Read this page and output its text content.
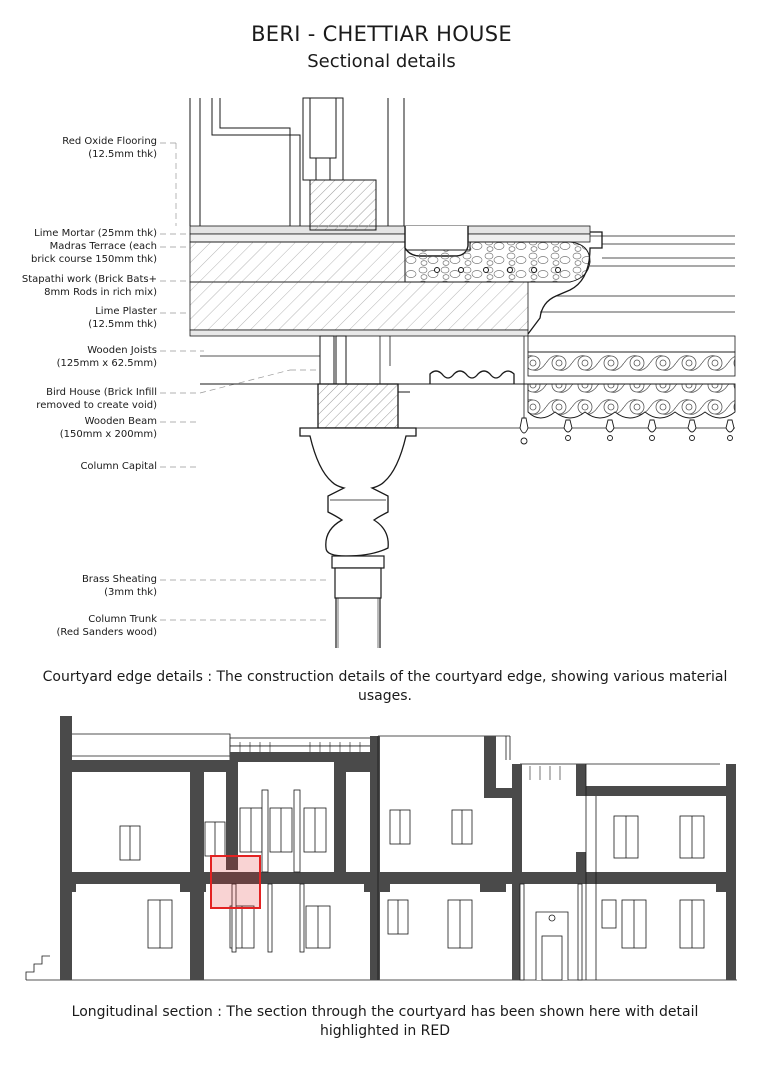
BERI - CHETTIAR HOUSE
Sectional details
Red Oxide Flooring
(12.5mm thk)
Lime Mortar (25mm thk)
Madras Terrace (each
brick course 150mm thk)
Stapathi work (Brick Bats+
8mm Rods in rich mix)
Lime Plaster
(12.5mm thk)
Wooden Joists
(125mm x 62.5mm)
Bird House (Brick Infill
removed to create void)
Wooden Beam
(150mm x 200mm)
Column Capital
Brass Sheating
(3mm thk)
Column Trunk
(Red Sanders wood)
Courtyard edge details : The construction details of the courtyard edge, showing various material usages.
Longitudinal section : The section through the courtyard has been shown here with detail highlighted in RED
